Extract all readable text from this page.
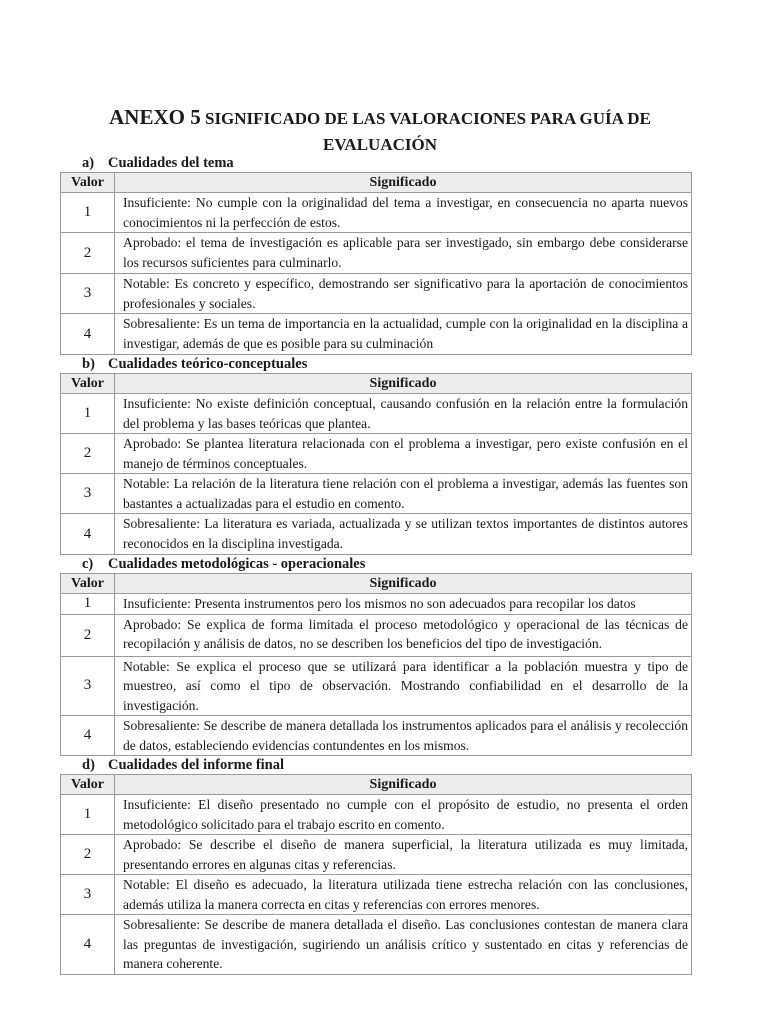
ANEXO 5 SIGNIFICADO DE LAS VALORACIONES PARA GUÍA DE
EVALUACIÓN
a) Cualidades del tema
Valor	Significado
1	Insuficiente: No cumple con la originalidad del tema a investigar, en consecuencia no aparta nuevos conocimientos ni la perfección de estos.
2	Aprobado: el tema de investigación es aplicable para ser investigado, sin embargo debe considerarse los recursos suficientes para culminarlo.
3	Notable: Es concreto y específico, demostrando ser significativo para la aportación de conocimientos profesionales y sociales.
4	Sobresaliente: Es un tema de importancia en la actualidad, cumple con la originalidad en la disciplina a investigar, además de que es posible para su culminación
b) Cualidades teórico-conceptuales
Valor	Significado
1	Insuficiente: No existe definición conceptual, causando confusión en la relación entre la formulación del problema y las bases teóricas que plantea.
2	Aprobado: Se plantea literatura relacionada con el problema a investigar, pero existe confusión en el manejo de términos conceptuales.
3	Notable: La relación de la literatura tiene relación con el problema a investigar, además las fuentes son bastantes a actualizadas para el estudio en comento.
4	Sobresaliente: La literatura es variada, actualizada y se utilizan textos importantes de distintos autores reconocidos en la disciplina investigada.
c) Cualidades metodológicas - operacionales
Valor	Significado
1	Insuficiente: Presenta instrumentos pero los mismos no son adecuados para recopilar los datos
2	Aprobado: Se explica de forma limitada el proceso metodológico y operacional de las técnicas de recopilación y análisis de datos, no se describen los beneficios del tipo de investigación.
3	Notable: Se explica el proceso que se utilizará para identificar a la población muestra y tipo de muestreo, así como el tipo de observación. Mostrando confiabilidad en el desarrollo de la investigación.
4	Sobresaliente: Se describe de manera detallada los instrumentos aplicados para el análisis y recolección de datos, estableciendo evidencias contundentes en los mismos.
d) Cualidades del informe final
Valor	Significado
1	Insuficiente: El diseño presentado no cumple con el propósito de estudio, no presenta el orden metodológico solicitado para el trabajo escrito en comento.
2	Aprobado: Se describe el diseño de manera superficial, la literatura utilizada es muy limitada, presentando errores en algunas citas y referencias.
3	Notable: El diseño es adecuado, la literatura utilizada tiene estrecha relación con las conclusiones, además utiliza la manera correcta en citas y referencias con errores menores.
4	Sobresaliente: Se describe de manera detallada el diseño. Las conclusiones contestan de manera clara las preguntas de investigación, sugiriendo un análisis crítico y sustentado en citas y referencias de manera coherente.
